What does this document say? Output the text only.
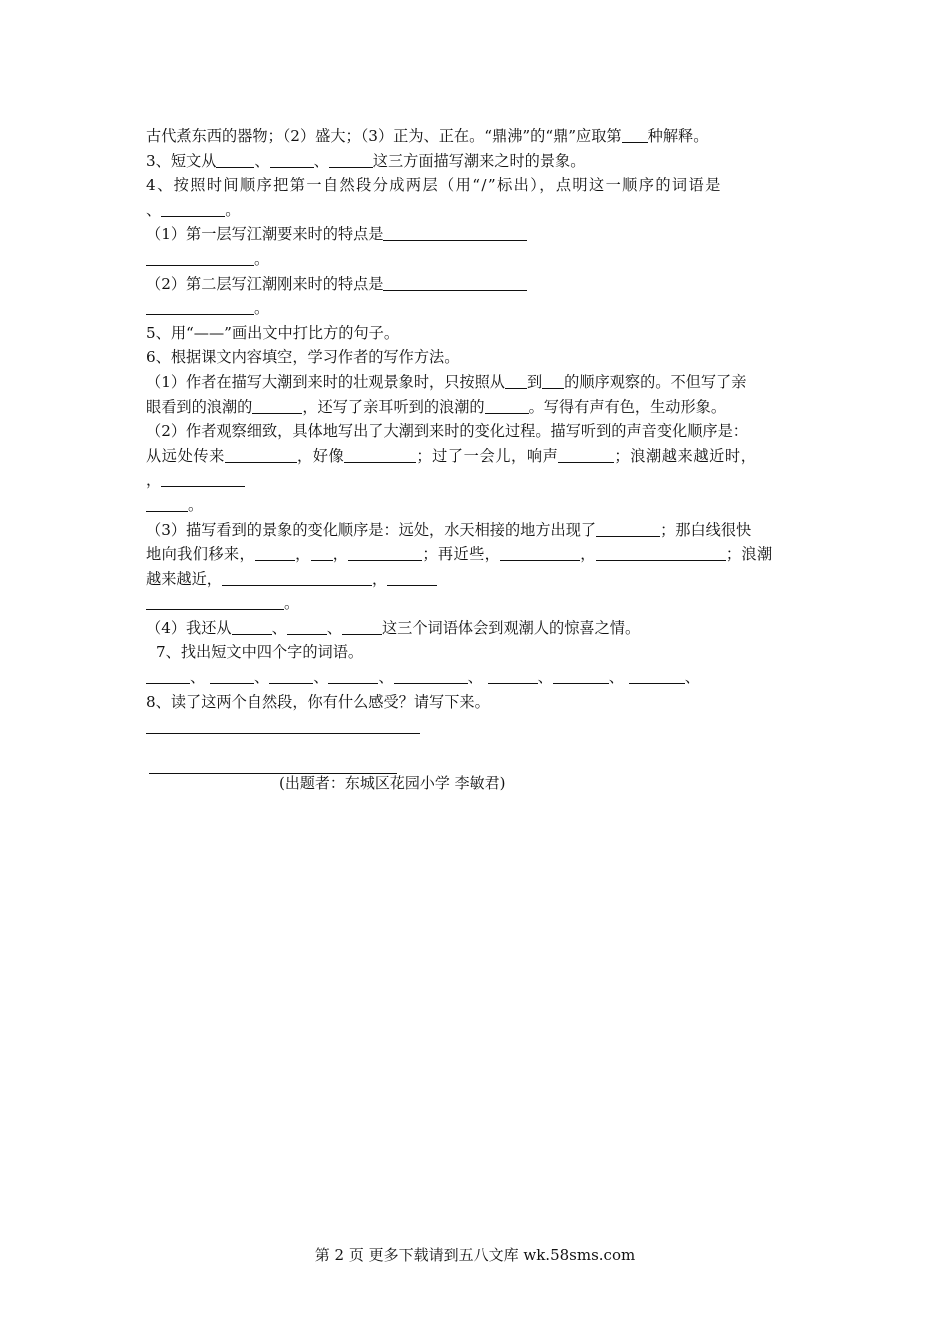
古代煮东西的器物；（2）盛大；（3）正为、正在。“鼎沸”的“鼎”应取第 种解释。
3、短文从	、	、	这三方面描写潮来之时的景象。
4、按照时间顺序把第一自然段分成两层（用“/”标出），点明这一顺序的词语是
、	。
（1）第一层写江潮要来时的特点是
。
（2）第二层写江潮刚来时的特点是
。
5、用“——”画出文中打比方的句子。
6、根据课文内容填空，学习作者的写作方法。
（1）作者在描写大潮到来时的壮观景象时，只按照从 到 的顺序观察的。不但写了亲
眼看到的浪潮的	，还写了亲耳听到的浪潮的	。写得有声有色，生动形象。
（2）作者观察细致，具体地写出了大潮到来时的变化过程。描写听到的声音变化顺序是：
从远处传来	，好像	；过了一会儿，响声	；浪潮越来越近时，
，
。
（3）描写看到的景象的变化顺序是：远处，水天相接的地方出现了	；那白线很快
地向我们移来，	， ，	；再近些，	，	；浪潮
越来越近，	，
。
（4）我还从	、	、	这三个词语体会到观潮人的惊喜之情。
7、找出短文中四个字的词语。
、	、	、	、	、	、	、	、
8、读了这两个自然段，你有什么感受？请写下来。
(出题者：东城区花园小学 李敏君)
第 2 页 更多下载请到五八文库 wk.58sms.com
